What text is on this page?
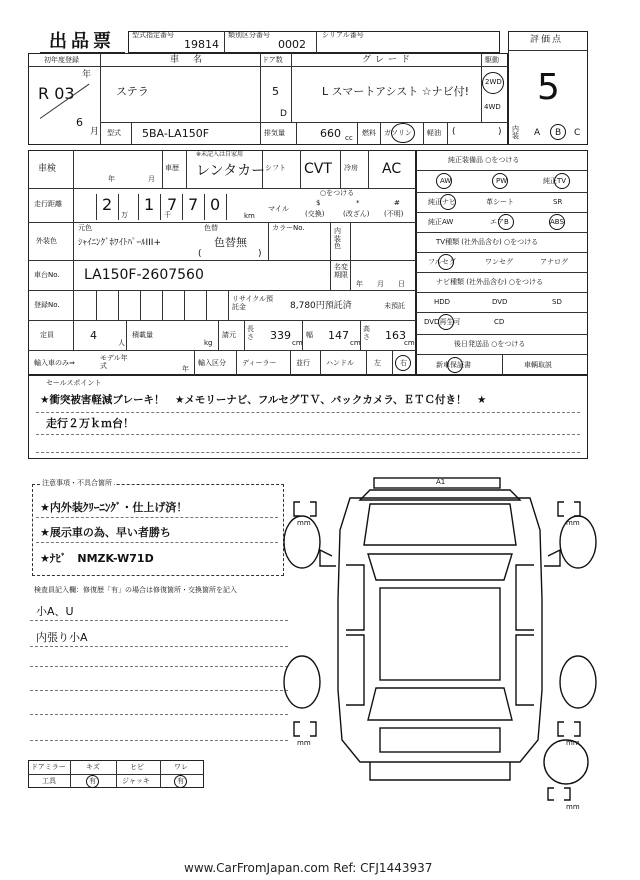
出品票 型式指定番号
19814
類別区分番号
0002
シリアル番号	評価点
5
初年度登録
R 03
年
6
月
車名
ステラ
ドア数
5
D
グレード
L スマートアシスト ☆ナビ付!
駆動
2WD
4WD
型式 5BA-LA150F	排気量	660 cc
燃料 ガソリン 軽油 (	) 内装	A B C
車検
年	月
※未記入は自家用
車歴 レンタカー シフト CVT 冷房 AC
走行距離	2
万
1
千
7 7 0
km
○をつける
マイル
$
(交換)
*
(改ざん)
#
(不明)
外装色
元色
ｼｬｲﾆﾝｸﾞﾎﾜｲﾄﾊﾟｰﾙIII+
色替
色替無
(	)
カラーNo.	内装色
車台No. LA150F-2607560	名変期限
年　　月　　日
登録No.
リサイクル預託金	8,780円預託済	未預託
定員	4
人
積載量
kg
請元
長さ 339
cm
幅 147
cm
高さ 163
cm
輸入車のみ⇒
モデル年式	年
輸入区分 ディーラー	並行 ハンドル	左	右
純正装備品 ○をつける
AW	PW	純正TV
純正ナビ	革シート	SR
純正AW	エアB	ABS
TV種類 (社外品含む) ○をつける
フルセグ	ワンセグ	アナログ
ナビ種類 (社外品含む) ○をつける
HDD	DVD	SD
DVD再生可	CD
後日発送品 ○をつける
新車保証書	車輌取説
セールスポイント
★衝突被害軽減ブレーキ！　★メモリーナビ、フルセグＴＶ、バックカメラ、ＥＴＣ付き！　★
走行２万ｋｍ台！
注意事項・不具合箇所
★内外装ｸﾘｰﾆﾝｸﾞ・仕上げ済！
★展示車の為、早い者勝ち
★ﾅﾋﾞ　NMZK-W71D
検査員記入欄：修復歴「有」の場合は修復箇所・交換箇所を記入
小A、U
内張り小A
ドアミラー	キズ	ヒビ	ワレ
工具	有	ジャッキ	有
A1
mm	mm
mm	mm
mm
www.CarFromJapan.com Ref: CFJ1443937
